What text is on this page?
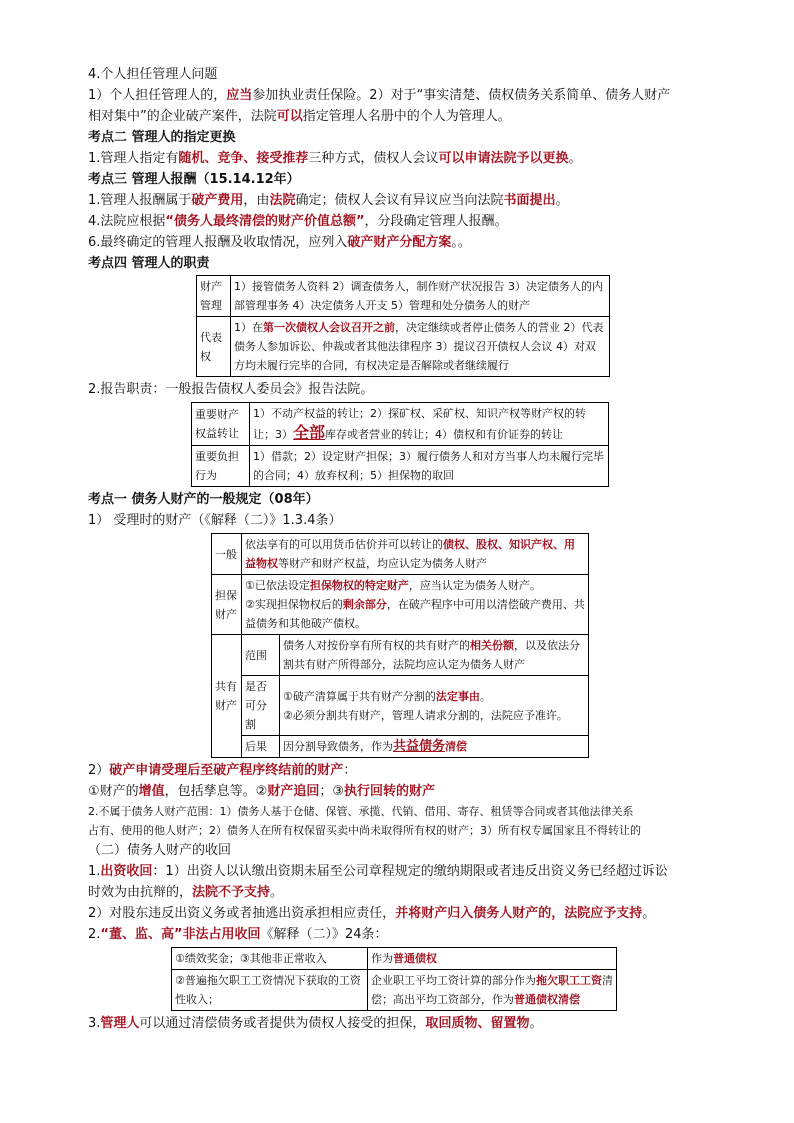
4.个人担任管理人问题

1）个人担任管理人的，应当参加执业责任保险。2）对于“事实清楚、债权债务关系简单、债务人财产

相对集中”的企业破产案件，法院可以指定管理人名册中的个人为管理人。

考点二 管理人的指定更换

1.管理人指定有随机、竞争、接受推荐三种方式，债权人会议可以申请法院予以更换。

考点三 管理人报酬（15.14.12年）

1.管理人报酬属于破产费用，由法院确定；债权人会议有异议应当向法院书面提出。

4.法院应根据“债务人最终清偿的财产价值总额”，分段确定管理人报酬。

6.最终确定的管理人报酬及收取情况，应列入破产财产分配方案。。

考点四 管理人的职责

财产管理	1）接管债务人资料 2）调查债务人，制作财产状况报告 3）决定债务人的内部管理事务 4）决定债务人开支 5）管理和处分债务人的财产
代表权	1）在第一次债权人会议召开之前，决定继续或者停止债务人的营业 2）代表债务人参加诉讼、仲裁或者其他法律程序 3）提议召开债权人会议 4）对双方均未履行完毕的合同，有权决定是否解除或者继续履行

2.报告职责：一般报告债权人委员会》报告法院。

重要财产权益转让	1）不动产权益的转让；2）探矿权、采矿权、知识产权等财产权的转让；3）全部库存或者营业的转让；4）债权和有价证券的转让
重要负担行为	1）借款；2）设定财产担保；3）履行债务人和对方当事人均未履行完毕的合同；4）放弃权利；5）担保物的取回

考点一 债务人财产的一般规定（08年）

1） 受理时的财产（《解释（二）》1.3.4条）

一般	依法享有的可以用货币估价并可以转让的债权、股权、知识产权、用益物权等财产和财产权益，均应认定为债务人财产	
担保财产	①已依法设定担保物权的特定财产，应当认定为债务人财产。
②实现担保物权后的剩余部分，在破产程序中可用以清偿破产费用、共益债务和其他破产债权。	
共有财产	范围	债务人对按份享有所有权的共有财产的相关份额，以及依法分割共有财产所得部分，法院均应认定为债务人财产
	是否可分割	①破产清算属于共有财产分割的法定事由。
②必须分割共有财产，管理人请求分割的，法院应予准许。
	后果	因分割导致债务，作为共益债务清偿

2）破产申请受理后至破产程序终结前的财产：

①财产的增值，包括孳息等。②财产追回；③执行回转的财产

2.不属于债务人财产范围：1）债务人基于仓储、保管、承揽、代销、借用、寄存、租赁等合同或者其他法律关系

占有、使用的他人财产；2）债务人在所有权保留买卖中尚未取得所有权的财产；3）所有权专属国家且不得转让的

（二）债务人财产的收回

1.出资收回：1）出资人以认缴出资期未届至公司章程规定的缴纳期限或者违反出资义务已经超过诉讼

时效为由抗辩的，法院不予支持。

2）对股东违反出资义务或者抽逃出资承担相应责任，并将财产归入债务人财产的，法院应予支持。

2.“董、监、高”非法占用收回《解释（二）》24条：

①绩效奖金；③其他非正常收入	作为普通债权
②普遍拖欠职工工资情况下获取的工资性收入；	企业职工平均工资计算的部分作为拖欠职工工资清偿；高出平均工资部分，作为普通债权清偿

3.管理人可以通过清偿债务或者提供为债权人接受的担保，取回质物、留置物。
